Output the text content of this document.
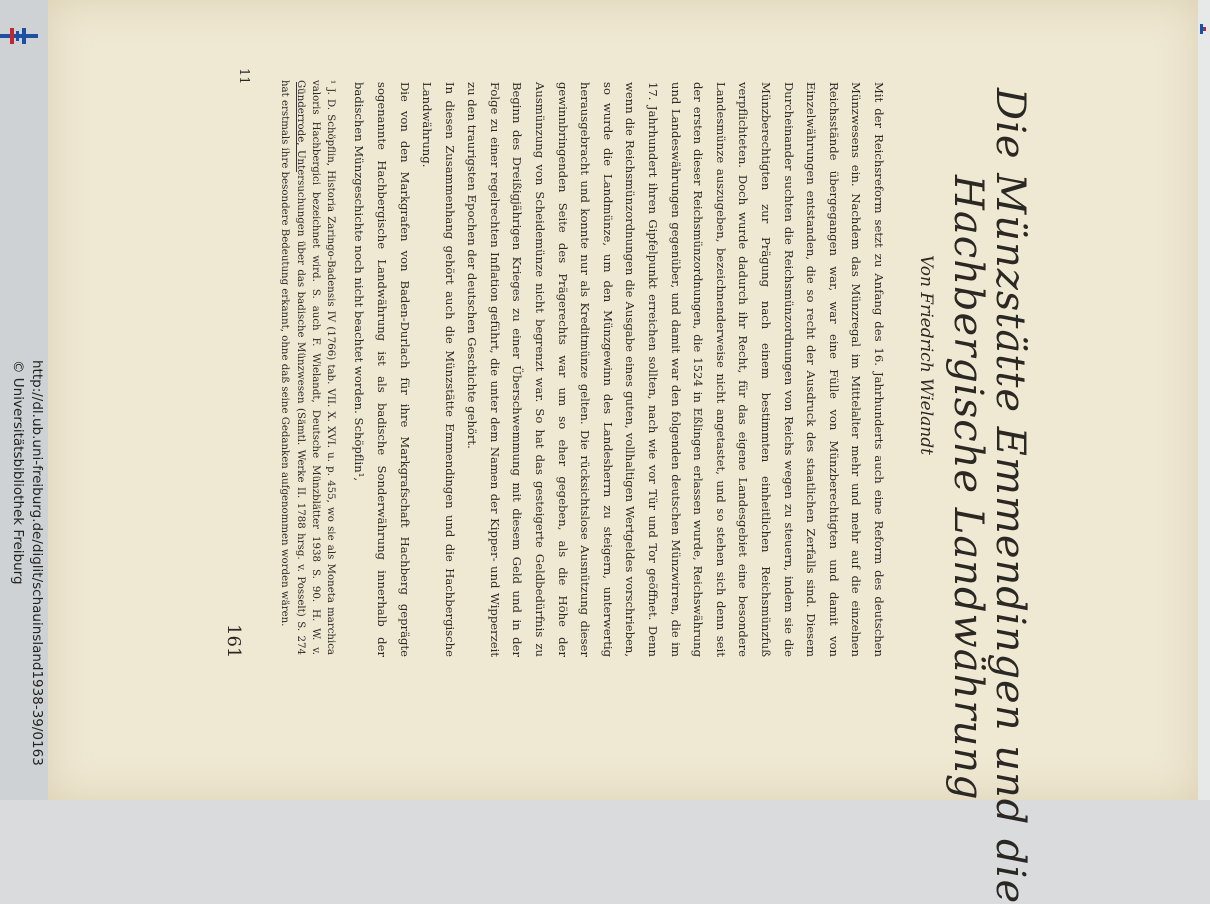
http://dl.ub.uni-freiburg.de/diglit/schauinsland1938-39/0163
© Universitätsbibliothek Freiburg	Die Münzstätte Emmendingen und die
Hachbergische Landwährung
Von Friedrich Wielandt

Mit der Reichsreform setzt zu Anfang des 16. Jahrhunderts auch eine Reform des deutschen Münzwesens ein. Nachdem das Münzregal im Mittelalter mehr und mehr auf die einzelnen Reichsstände übergegangen war, war eine Fülle von Münzberechtigten und damit von Einzelwährungen entstanden, die so recht der Ausdruck des staatlichen Zerfalls sind. Diesem Durcheinander suchten die Reichsmünzordnungen von Reichs wegen zu steuern, indem sie die Münzberechtigten zur Prägung nach einem bestimmten einheitlichen Reichsmünzfuß verpflichteten. Doch wurde dadurch ihr Recht, für das eigene Landesgebiet eine besondere Landesmünze auszugeben, bezeichnenderweise nicht angetastet, und so stehen sich denn seit der ersten dieser Reichsmünzordnungen, die 1524 in Eßlingen erlassen wurde, Reichswährung und Landeswährungen gegenüber, und damit war den folgenden deutschen Münzwirren, die im 17. Jahrhundert ihren Gipfelpunkt erreichen sollten, nach wie vor Tür und Tor geöffnet. Denn wenn die Reichsmünzordnungen die Ausgabe eines guten, vollhaltigen Wertgeldes vorschrieben, so wurde die Landmünze, um den Münzgewinn des Landesherrn zu steigern, unterwertig herausgebracht und konnte nur als Kreditmünze gelten. Die rücksichtslose Ausnützung dieser gewinnbringenden Seite des Prägerechts war um so eher gegeben, als die Höhe der Ausmünzung von Scheidemünze nicht begrenzt war. So hat das gesteigerte Geldbedürfnis zu Beginn des Dreißigjährigen Krieges zu einer Überschwemmung mit diesem Geld und in der Folge zu einer regelrechten Inflation geführt, die unter dem Namen der Kipper- und Wipperzeit zu den traurigsten Epochen der deutschen Geschichte gehört.

In diesen Zusammenhang gehört auch die Münzstätte Emmendingen und die Hachbergische Landwährung.

Die von den Markgrafen von Baden-Durlach für ihre Markgrafschaft Hachberg geprägte sogenannte Hachbergische Landwährung ist als badische Sonderwährung innerhalb der badischen Münzgeschichte noch nicht beachtet worden. Schöpflin¹,

¹ J. D. Schöpflin, Historia Zaringo-Badensis IV (1766) tab. VII. X. XVI. u. p. 455, wo sie als Moneta marchica valoris Hachbergici bezeichnet wird. S. auch F. Wielandt, Deutsche Münzblätter 1938 S. 90. H. W. v. Günderrode, Untersuchungen über das badische Münzwesen (Sämtl. Werke II. 1788 hrsg. v. Posselt) S. 274 hat erstmals ihre besondere Bedeutung erkannt, ohne daß seine Gedanken aufgenommen worden wären.
161
11
